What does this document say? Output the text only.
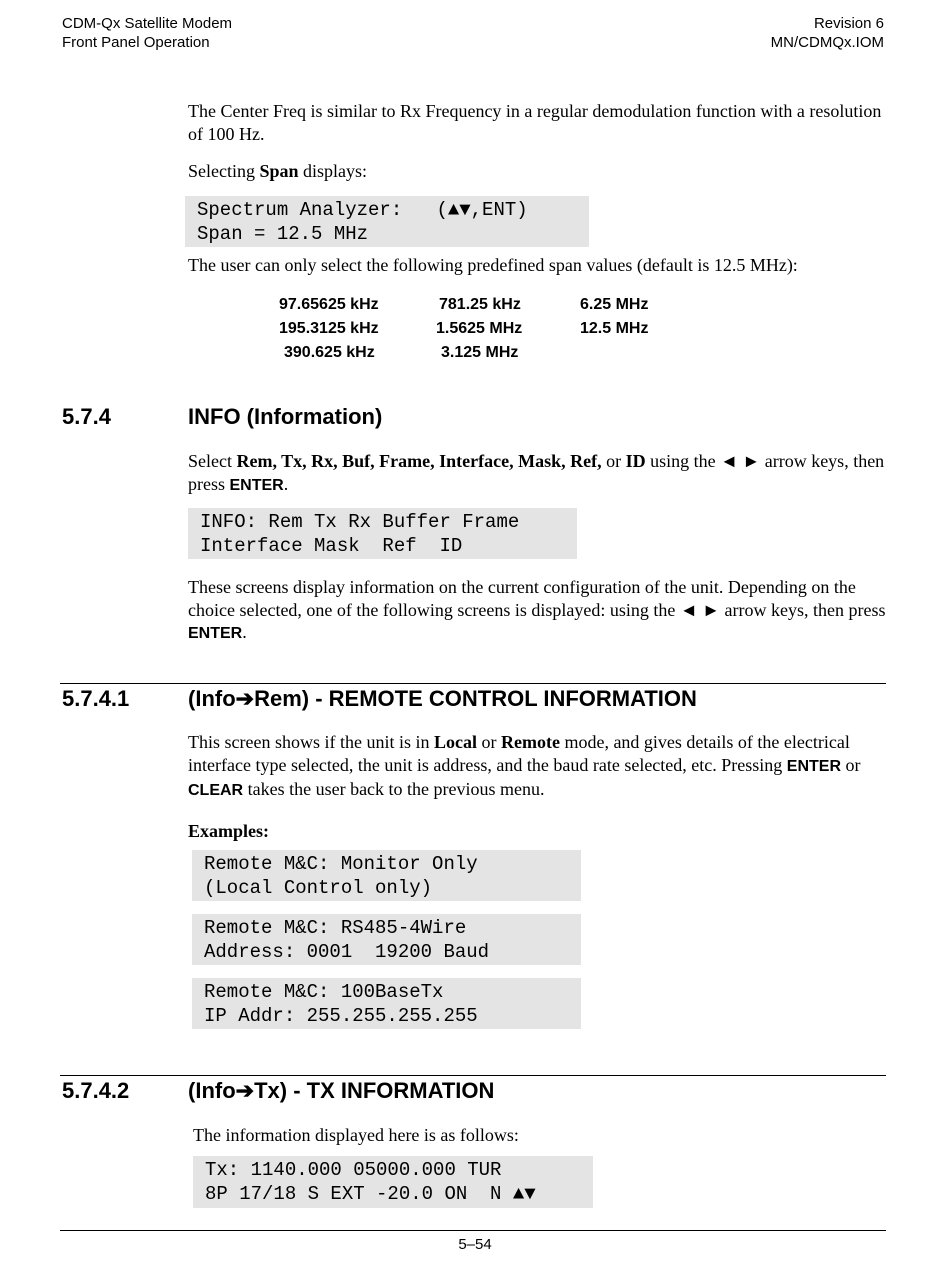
CDM-Qx Satellite Modem
Front Panel Operation
Revision 6
MN/CDMQx.IOM
The Center Freq is similar to Rx Frequency in a regular demodulation function with a resolution of 100 Hz.
Selecting Span displays:
Spectrum Analyzer:   (▲▼,ENT)
Span = 12.5 MHz
The user can only select the following predefined span values (default is 12.5 MHz):
97.65625 kHz	781.25 kHz	6.25 MHz
195.3125 kHz	1.5625 MHz	12.5 MHz
390.625 kHz	3.125 MHz
5.7.4	INFO (Information)
Select Rem, Tx, Rx, Buf, Frame, Interface, Mask, Ref, or ID using the ◄ ► arrow keys, then press ENTER.
INFO: Rem Tx Rx Buffer Frame
Interface Mask  Ref  ID
These screens display information on the current configuration of the unit. Depending on the choice selected, one of the following screens is displayed: using the ◄ ► arrow keys, then press ENTER.
5.7.4.1	(Info➔Rem) - REMOTE CONTROL INFORMATION
This screen shows if the unit is in Local or Remote mode, and gives details of the electrical interface type selected, the unit is address, and the baud rate selected, etc. Pressing ENTER or CLEAR takes the user back to the previous menu.
Examples:
Remote M&C: Monitor Only
(Local Control only)
Remote M&C: RS485-4Wire
Address: 0001  19200 Baud
Remote M&C: 100BaseTx
IP Addr: 255.255.255.255
5.7.4.2	(Info➔Tx) - TX INFORMATION
The information displayed here is as follows:
Tx: 1140.000 05000.000 TUR
8P 17/18 S EXT -20.0 ON  N ▲▼
5–54
